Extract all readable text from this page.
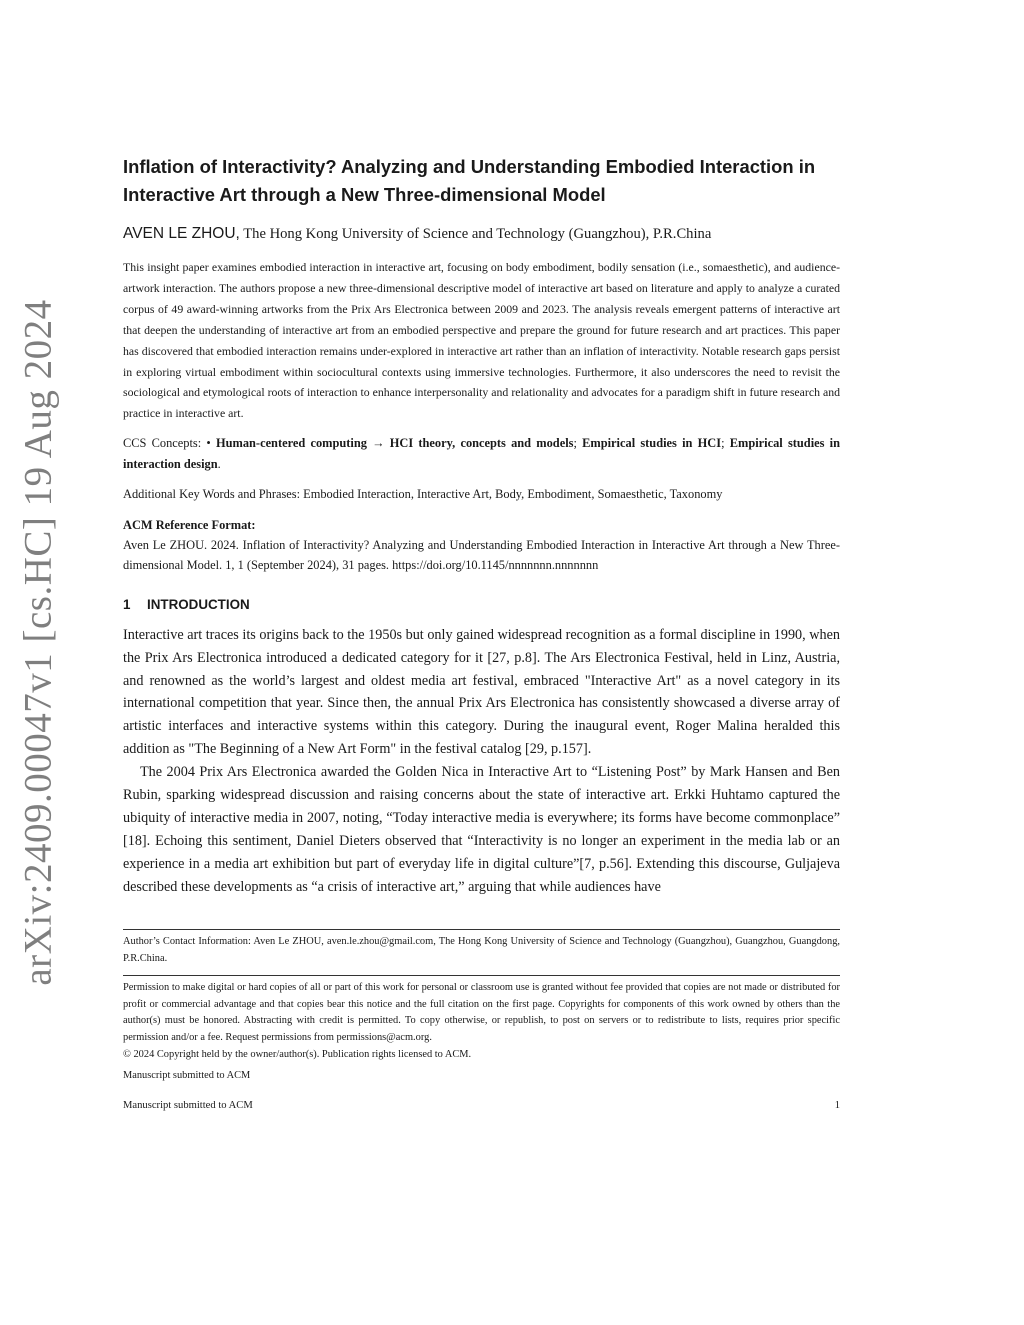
arXiv:2409.00047v1 [cs.HC] 19 Aug 2024
Inflation of Interactivity? Analyzing and Understanding Embodied Interaction in Interactive Art through a New Three-dimensional Model
AVEN LE ZHOU, The Hong Kong University of Science and Technology (Guangzhou), P.R.China
This insight paper examines embodied interaction in interactive art, focusing on body embodiment, bodily sensation (i.e., somaesthetic), and audience-artwork interaction. The authors propose a new three-dimensional descriptive model of interactive art based on literature and apply to analyze a curated corpus of 49 award-winning artworks from the Prix Ars Electronica between 2009 and 2023. The analysis reveals emergent patterns of interactive art that deepen the understanding of interactive art from an embodied perspective and prepare the ground for future research and art practices. This paper has discovered that embodied interaction remains under-explored in interactive art rather than an inflation of interactivity. Notable research gaps persist in exploring virtual embodiment within sociocultural contexts using immersive technologies. Furthermore, it also underscores the need to revisit the sociological and etymological roots of interaction to enhance interpersonality and relationality and advocates for a paradigm shift in future research and practice in interactive art.
CCS Concepts: • Human-centered computing → HCI theory, concepts and models; Empirical studies in HCI; Empirical studies in interaction design.
Additional Key Words and Phrases: Embodied Interaction, Interactive Art, Body, Embodiment, Somaesthetic, Taxonomy
ACM Reference Format:
Aven Le ZHOU. 2024. Inflation of Interactivity? Analyzing and Understanding Embodied Interaction in Interactive Art through a New Three-dimensional Model. 1, 1 (September 2024), 31 pages. https://doi.org/10.1145/nnnnnnn.nnnnnnn
1 INTRODUCTION

Interactive art traces its origins back to the 1950s but only gained widespread recognition as a formal discipline in 1990, when the Prix Ars Electronica introduced a dedicated category for it [27, p.8]. The Ars Electronica Festival, held in Linz, Austria, and renowned as the world’s largest and oldest media art festival, embraced "Interactive Art" as a novel category in its international competition that year. Since then, the annual Prix Ars Electronica has consistently showcased a diverse array of artistic interfaces and interactive systems within this category. During the inaugural event, Roger Malina heralded this addition as "The Beginning of a New Art Form" in the festival catalog [29, p.157].

The 2004 Prix Ars Electronica awarded the Golden Nica in Interactive Art to “Listening Post” by Mark Hansen and Ben Rubin, sparking widespread discussion and raising concerns about the state of interactive art. Erkki Huhtamo captured the ubiquity of interactive media in 2007, noting, “Today interactive media is everywhere; its forms have become commonplace” [18]. Echoing this sentiment, Daniel Dieters observed that “Interactivity is no longer an experiment in the media lab or an experience in a media art exhibition but part of everyday life in digital culture”[7, p.56]. Extending this discourse, Guljajeva described these developments as “a crisis of interactive art,” arguing that while audiences have

Author’s Contact Information: Aven Le ZHOU, aven.le.zhou@gmail.com, The Hong Kong University of Science and Technology (Guangzhou), Guangzhou, Guangdong, P.R.China.
Permission to make digital or hard copies of all or part of this work for personal or classroom use is granted without fee provided that copies are not made or distributed for profit or commercial advantage and that copies bear this notice and the full citation on the first page. Copyrights for components of this work owned by others than the author(s) must be honored. Abstracting with credit is permitted. To copy otherwise, or republish, to post on servers or to redistribute to lists, requires prior specific permission and/or a fee. Request permissions from permissions@acm.org.
© 2024 Copyright held by the owner/author(s). Publication rights licensed to ACM.
Manuscript submitted to ACM
Manuscript submitted to ACM	1
